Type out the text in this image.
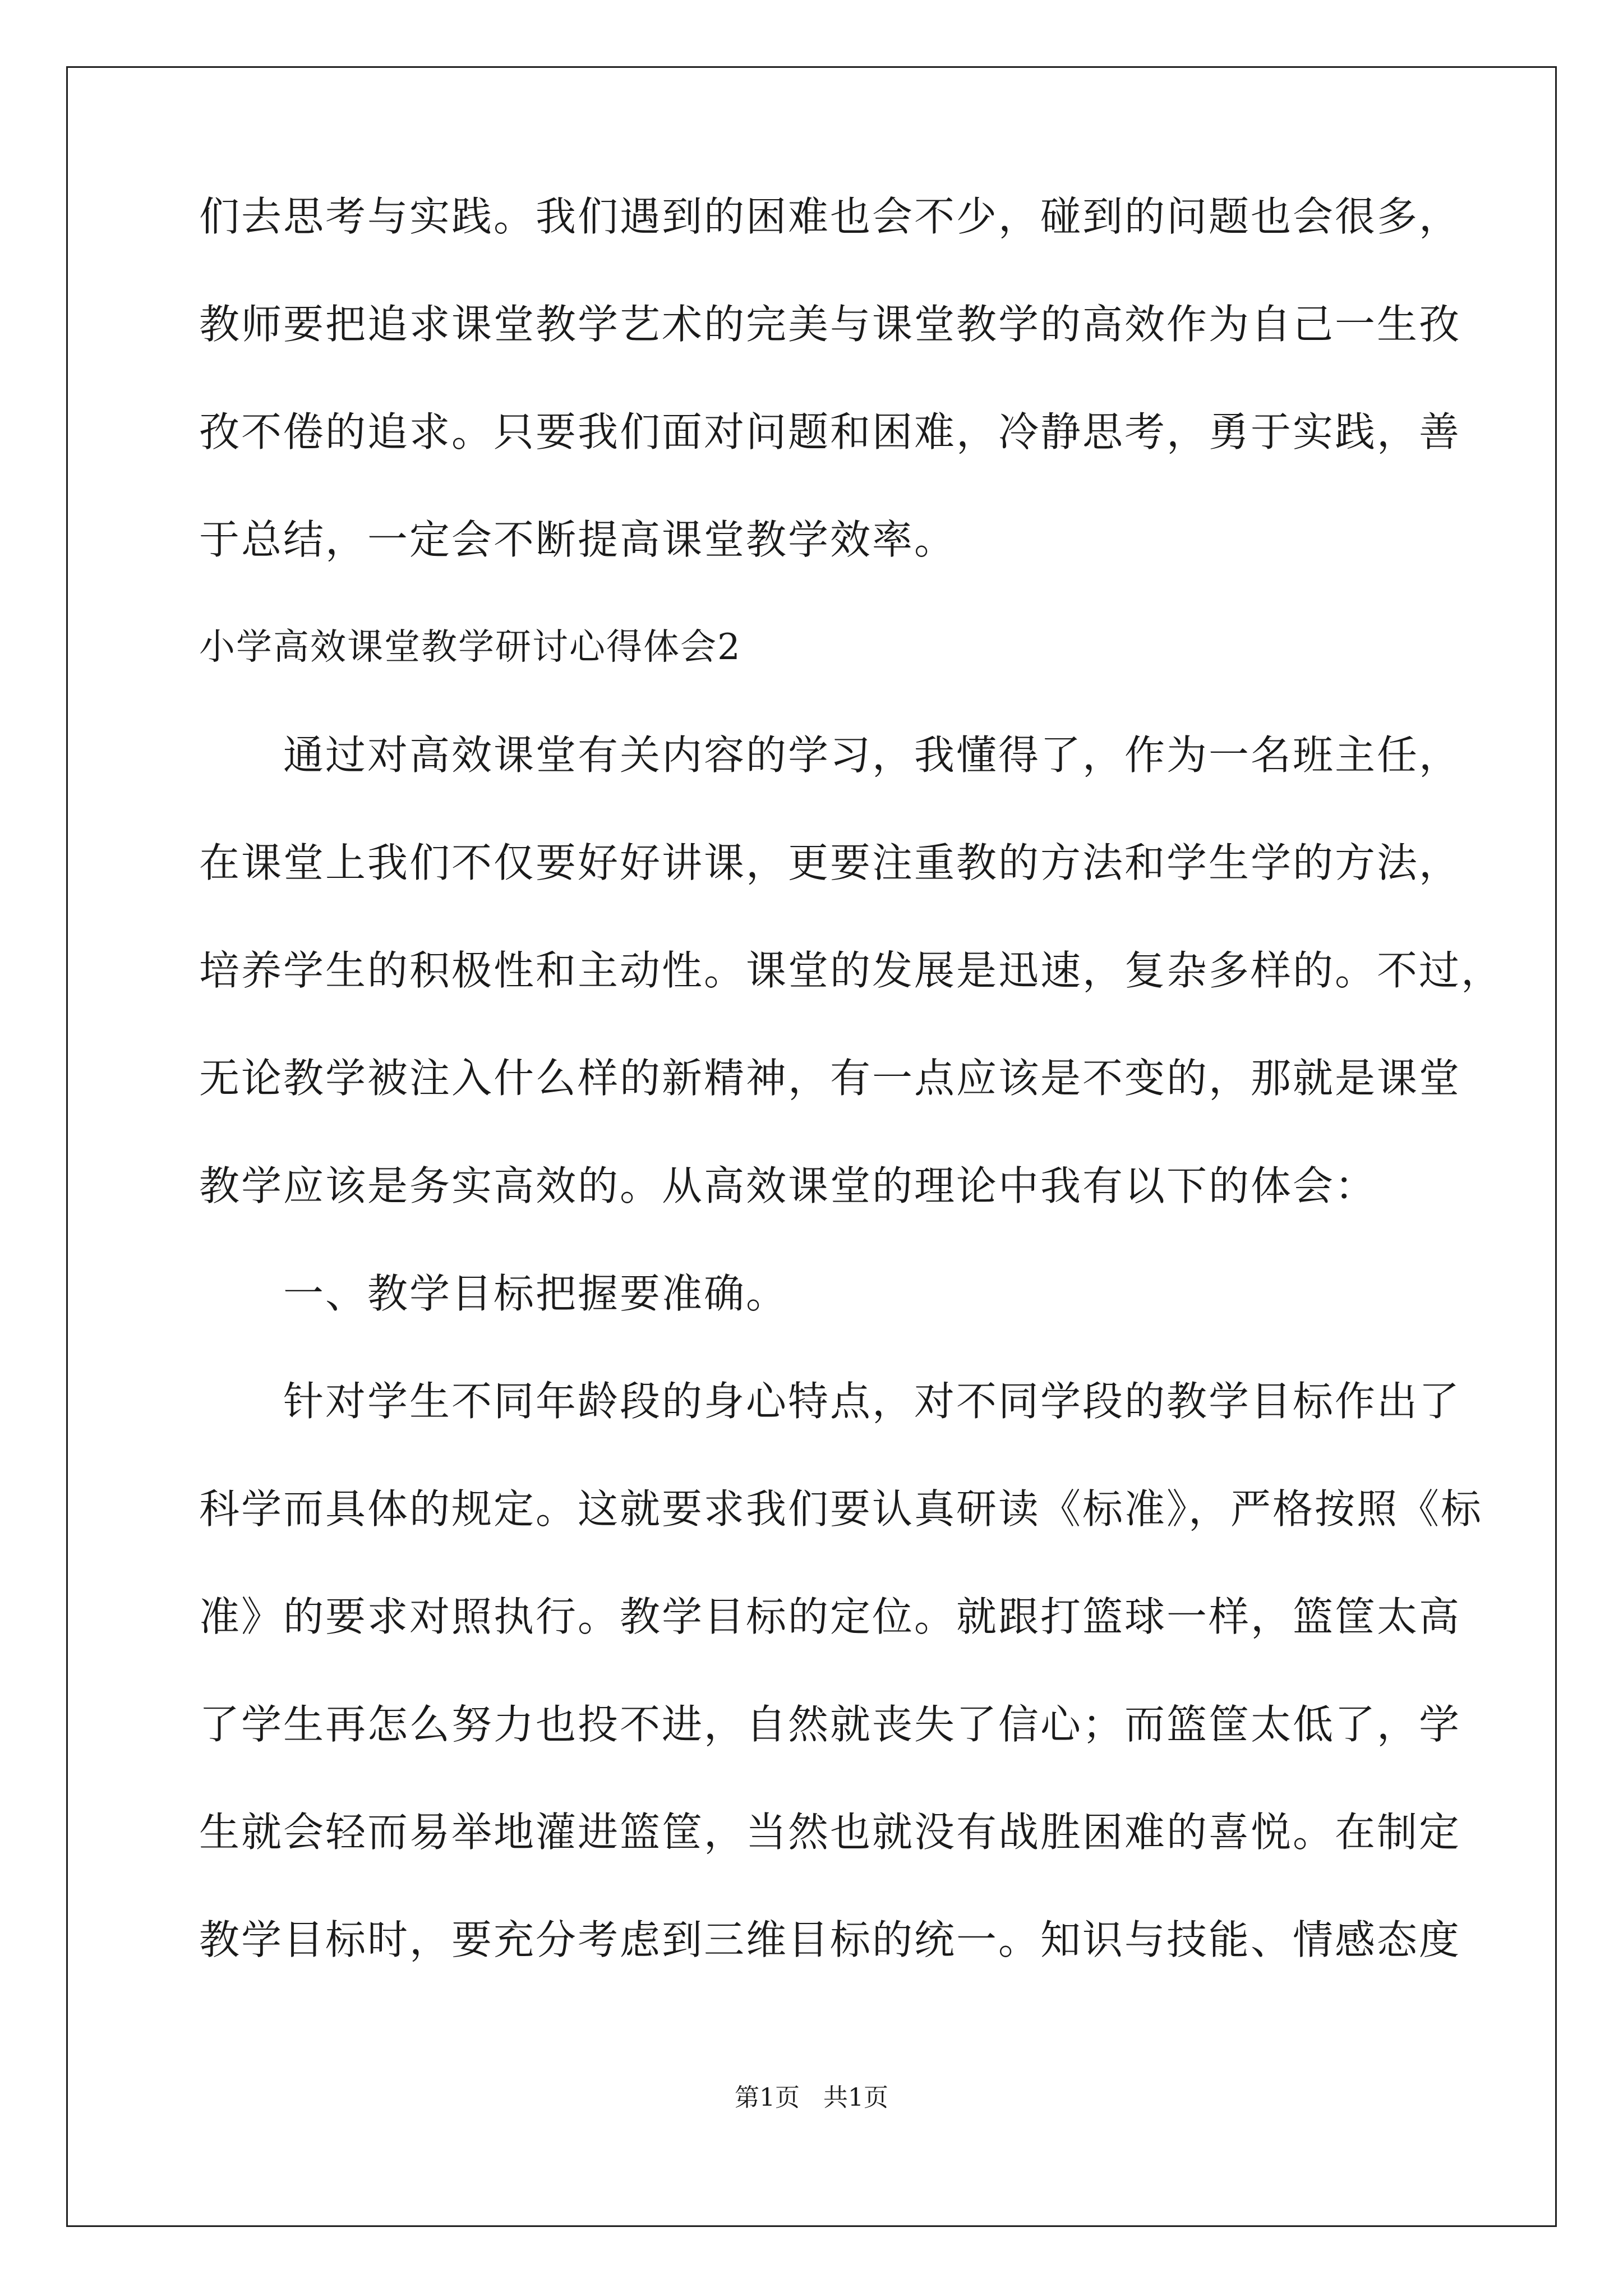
们去思考与实践。我们遇到的困难也会不少，碰到的问题也会很多，
教师要把追求课堂教学艺术的完美与课堂教学的高效作为自己一生孜
孜不倦的追求。只要我们面对问题和困难，冷静思考，勇于实践，善
于总结，一定会不断提高课堂教学效率。
小学高效课堂教学研讨心得体会2
通过对高效课堂有关内容的学习，我懂得了，作为一名班主任，
在课堂上我们不仅要好好讲课，更要注重教的方法和学生学的方法，
培养学生的积极性和主动性。课堂的发展是迅速，复杂多样的。不过，
无论教学被注入什么样的新精神，有一点应该是不变的，那就是课堂
教学应该是务实高效的。从高效课堂的理论中我有以下的体会：
一、教学目标把握要准确。
针对学生不同年龄段的身心特点，对不同学段的教学目标作出了
科学而具体的规定。这就要求我们要认真研读《标准》，严格按照《标
准》的要求对照执行。教学目标的定位。就跟打篮球一样，篮筐太高
了学生再怎么努力也投不进，自然就丧失了信心；而篮筐太低了，学
生就会轻而易举地灌进篮筐，当然也就没有战胜困难的喜悦。在制定
教学目标时，要充分考虑到三维目标的统一。知识与技能、情感态度
第1页   共1页
